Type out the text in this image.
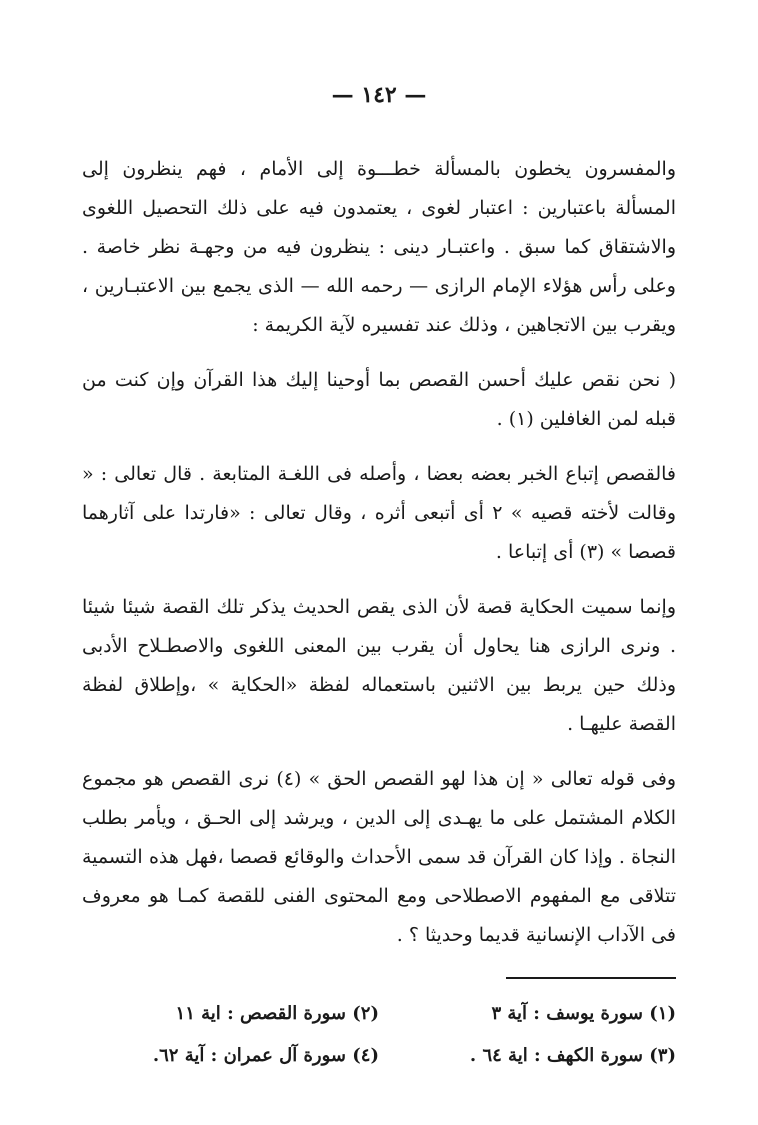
— ١٤٢ —

والمفسرون يخطون بالمسألة خطـــوة إلى الأمام ، فهم ينظرون إلى المسألة باعتبارين : اعتبار لغوى ، يعتمدون فيه على ذلك التحصيل اللغوى والاشتقاق كما سبق . واعتبـار دينى : ينظرون فيه من وجهـة نظر خاصة . وعلى رأس هؤلاء الإمام الرازى — رحمه الله — الذى يجمع بين الاعتبـارين ، ويقرب بين الاتجاهين ، وذلك عند تفسيره لآية الكريمة :

( نحن نقص عليك أحسن القصص بما أوحينا إليك هذا القرآن وإن كنت من قبله لمن الغافلين (١) .

فالقصص إتباع الخبر بعضه بعضا ، وأصله فى اللغـة المتابعة . قال تعالى : « وقالت لأخته قصيه » ٢ أى أتبعى أثره ، وقال تعالى : «فارتدا على آثارهما قصصا » (٣) أى إتباعا .

وإنما سميت الحكاية قصة لأن الذى يقص الحديث يذكر تلك القصة شيئا شيئا . ونرى الرازى هنا يحاول أن يقرب بين المعنى اللغوى والاصطـلاح الأدبى وذلك حين يربط بين الاثنين باستعماله لفظة «الحكاية » ،وإطلاق لفظة القصة عليهـا .

وفى قوله تعالى « إن هذا لهو القصص الحق » (٤) نرى القصص هو مجموع الكلام المشتمل على ما يهـدى إلى الدين ، ويرشد إلى الحـق ، ويأمر بطلب النجاة . وإذا كان القرآن قد سمى الأحداث والوقائع قصصا ،فهل هذه التسمية تتلاقى مع المفهوم الاصطلاحى ومع المحتوى الفنى للقصة كمـا هو معروف فى الآداب الإنسانية قديما وحديثا ؟ .

(١) سورة يوسف : آية ٣
(٢) سورة القصص : اية ١١
(٣) سورة الكهف : اية ٦٤ .
(٤) سورة آل عمران : آية ٦٢.
